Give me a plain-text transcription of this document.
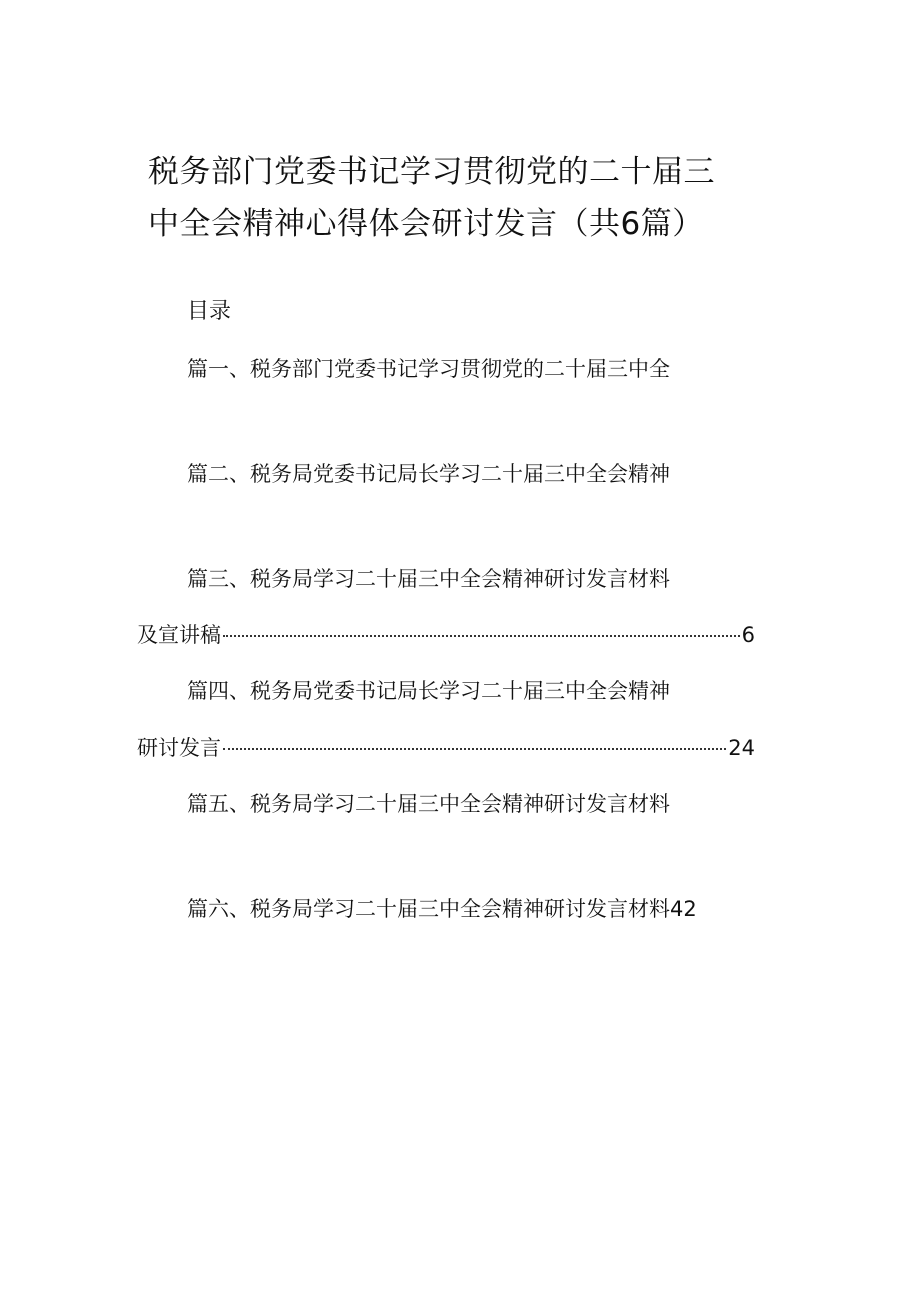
税务部门党委书记学习贯彻党的二十届三
中全会精神心得体会研讨发言（共6篇）
目录
篇一、税务部门党委书记学习贯彻党的二十届三中全
篇二、税务局党委书记局长学习二十届三中全会精神
篇三、税务局学习二十届三中全会精神研讨发言材料
及宣讲稿	6
篇四、税务局党委书记局长学习二十届三中全会精神
研讨发言	24
篇五、税务局学习二十届三中全会精神研讨发言材料
篇六、税务局学习二十届三中全会精神研讨发言材料42
